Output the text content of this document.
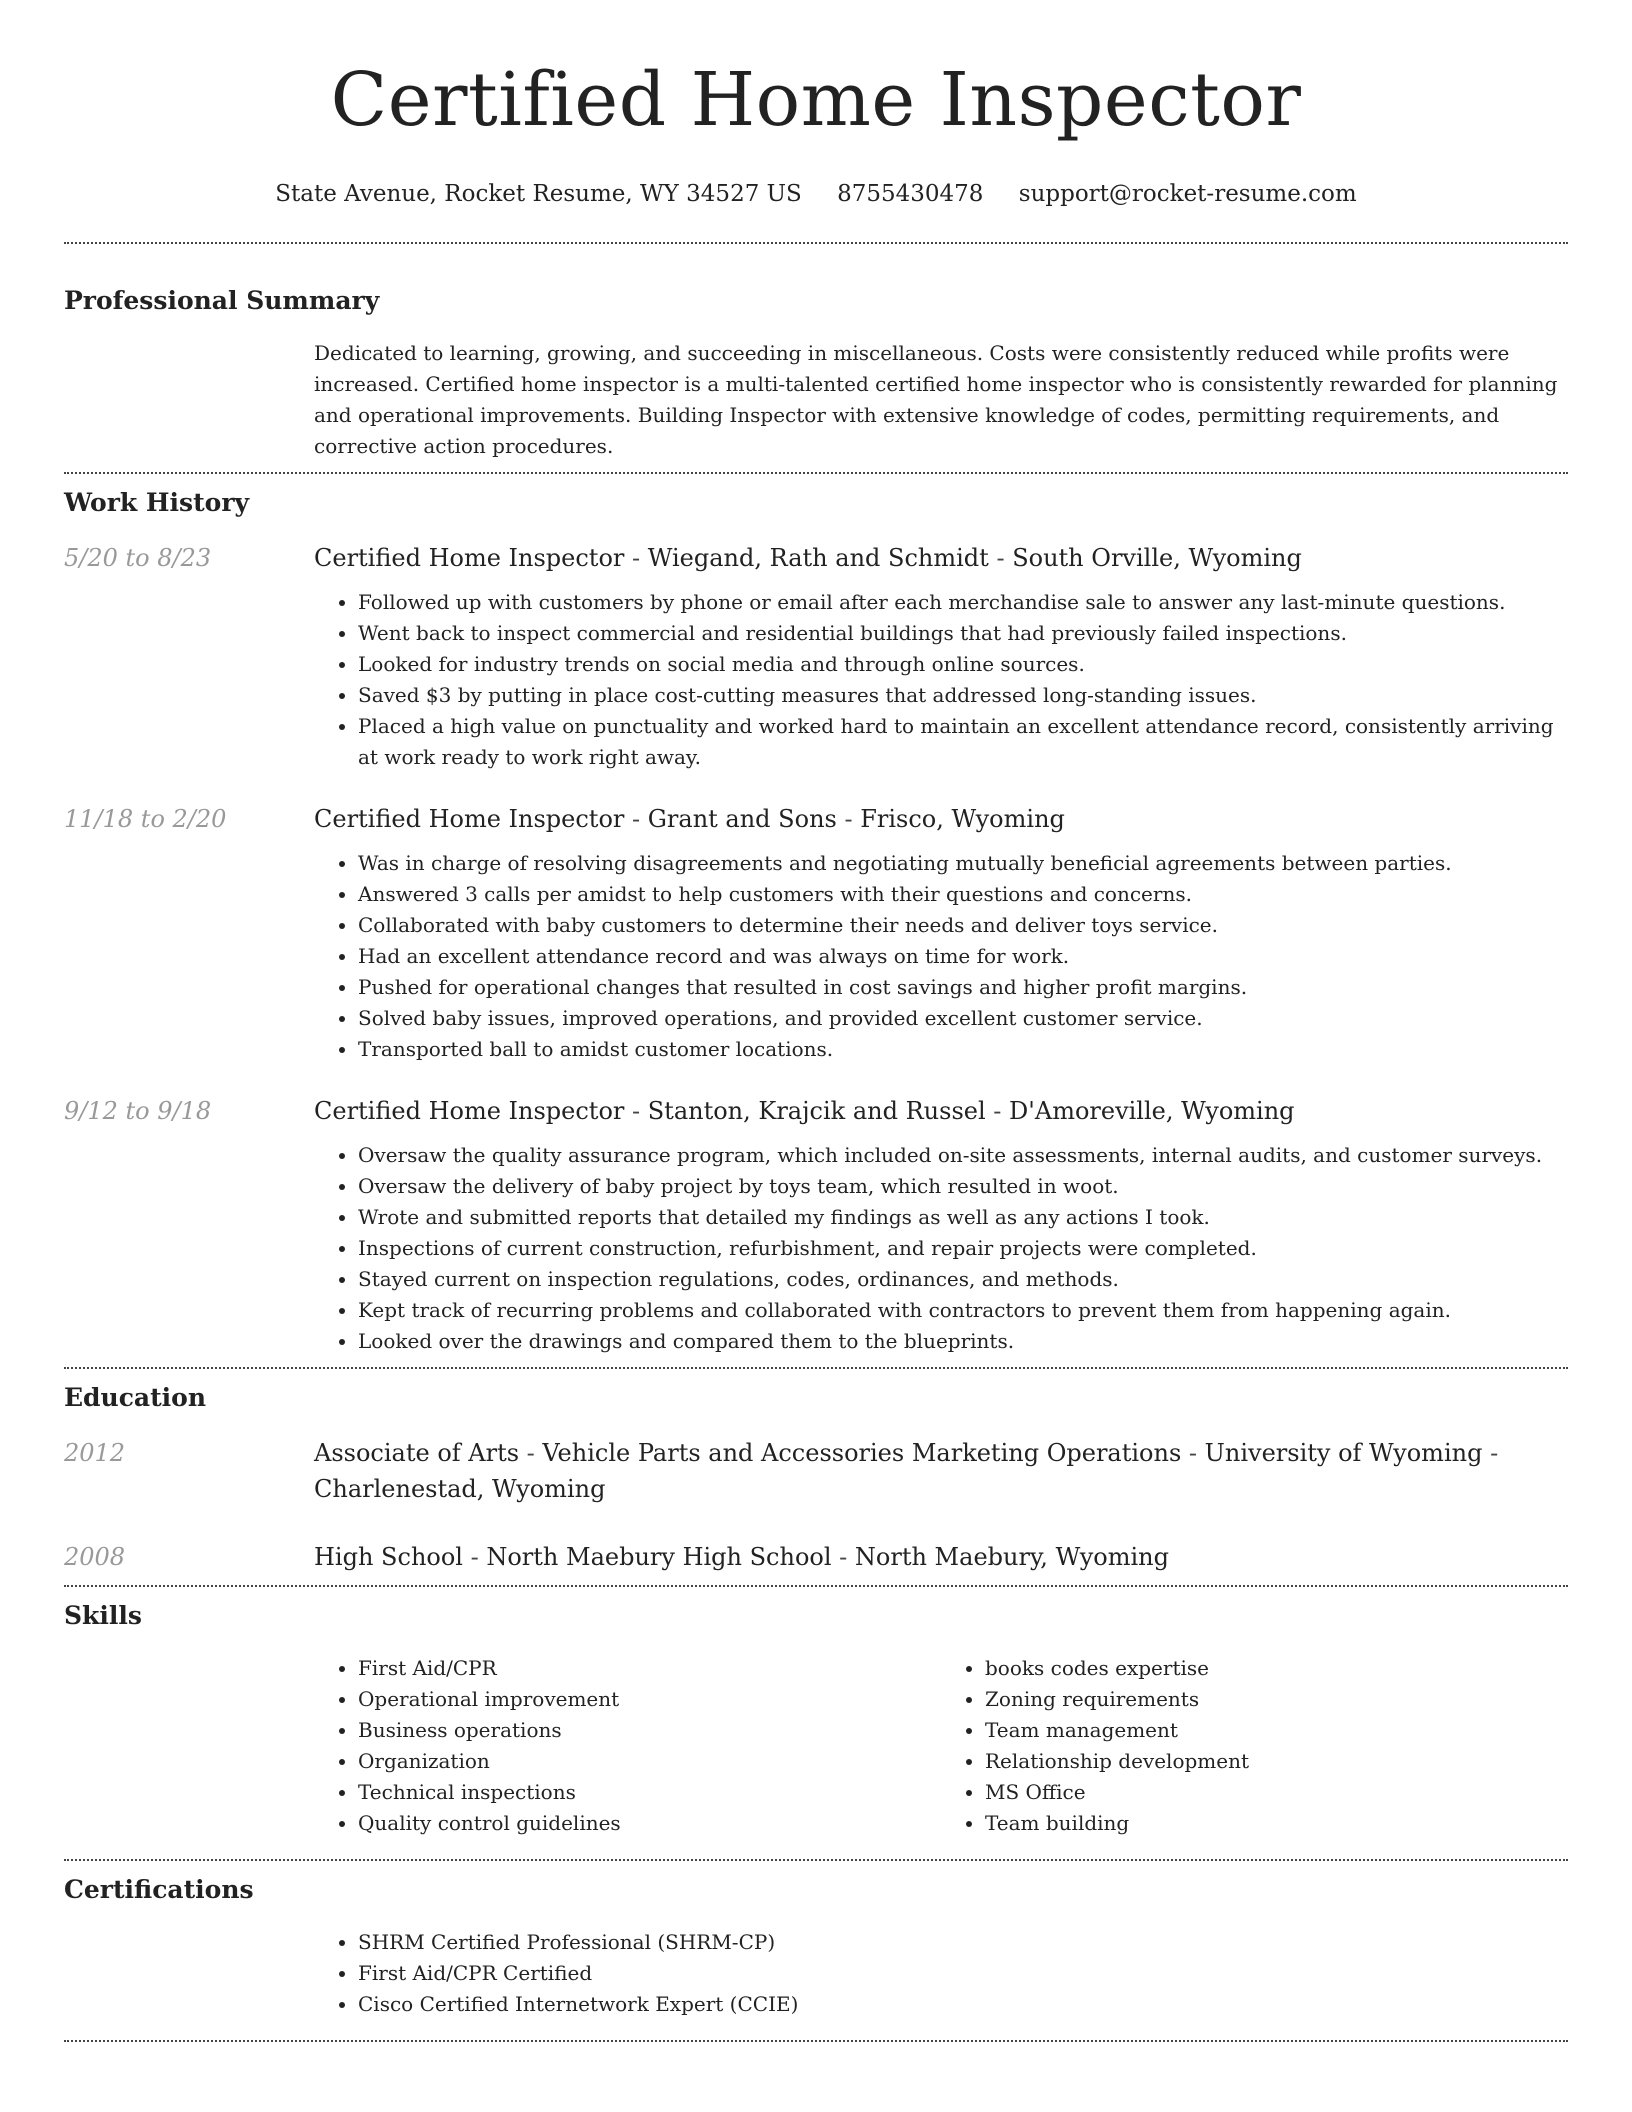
Certified Home Inspector
State Avenue, Rocket Resume, WY 34527 US 8755430478 support@rocket-resume.com
Professional Summary
Dedicated to learning, growing, and succeeding in miscellaneous. Costs were consistently reduced while profits were increased. Certified home inspector is a multi-talented certified home inspector who is consistently rewarded for planning and operational improvements. Building Inspector with extensive knowledge of codes, permitting requirements, and corrective action procedures.
Work History
5/20 to 8/23	Certified Home Inspector - Wiegand, Rath and Schmidt - South Orville, Wyoming
• Followed up with customers by phone or email after each merchandise sale to answer any last-minute questions.
• Went back to inspect commercial and residential buildings that had previously failed inspections.
• Looked for industry trends on social media and through online sources.
• Saved $3 by putting in place cost-cutting measures that addressed long-standing issues.
• Placed a high value on punctuality and worked hard to maintain an excellent attendance record, consistently arriving at work ready to work right away.
11/18 to 2/20	Certified Home Inspector - Grant and Sons - Frisco, Wyoming
• Was in charge of resolving disagreements and negotiating mutually beneficial agreements between parties.
• Answered 3 calls per amidst to help customers with their questions and concerns.
• Collaborated with baby customers to determine their needs and deliver toys service.
• Had an excellent attendance record and was always on time for work.
• Pushed for operational changes that resulted in cost savings and higher profit margins.
• Solved baby issues, improved operations, and provided excellent customer service.
• Transported ball to amidst customer locations.
9/12 to 9/18	Certified Home Inspector - Stanton, Krajcik and Russel - D'Amoreville, Wyoming
• Oversaw the quality assurance program, which included on-site assessments, internal audits, and customer surveys.
• Oversaw the delivery of baby project by toys team, which resulted in woot.
• Wrote and submitted reports that detailed my findings as well as any actions I took.
• Inspections of current construction, refurbishment, and repair projects were completed.
• Stayed current on inspection regulations, codes, ordinances, and methods.
• Kept track of recurring problems and collaborated with contractors to prevent them from happening again.
• Looked over the drawings and compared them to the blueprints.
Education
2012	Associate of Arts - Vehicle Parts and Accessories Marketing Operations - University of Wyoming - Charlenestad, Wyoming
2008	High School - North Maebury High School - North Maebury, Wyoming
Skills
• First Aid/CPR
• Operational improvement
• Business operations
• Organization
• Technical inspections
• Quality control guidelines
• books codes expertise
• Zoning requirements
• Team management
• Relationship development
• MS Office
• Team building
Certifications
• SHRM Certified Professional (SHRM-CP)
• First Aid/CPR Certified
• Cisco Certified Internetwork Expert (CCIE)
